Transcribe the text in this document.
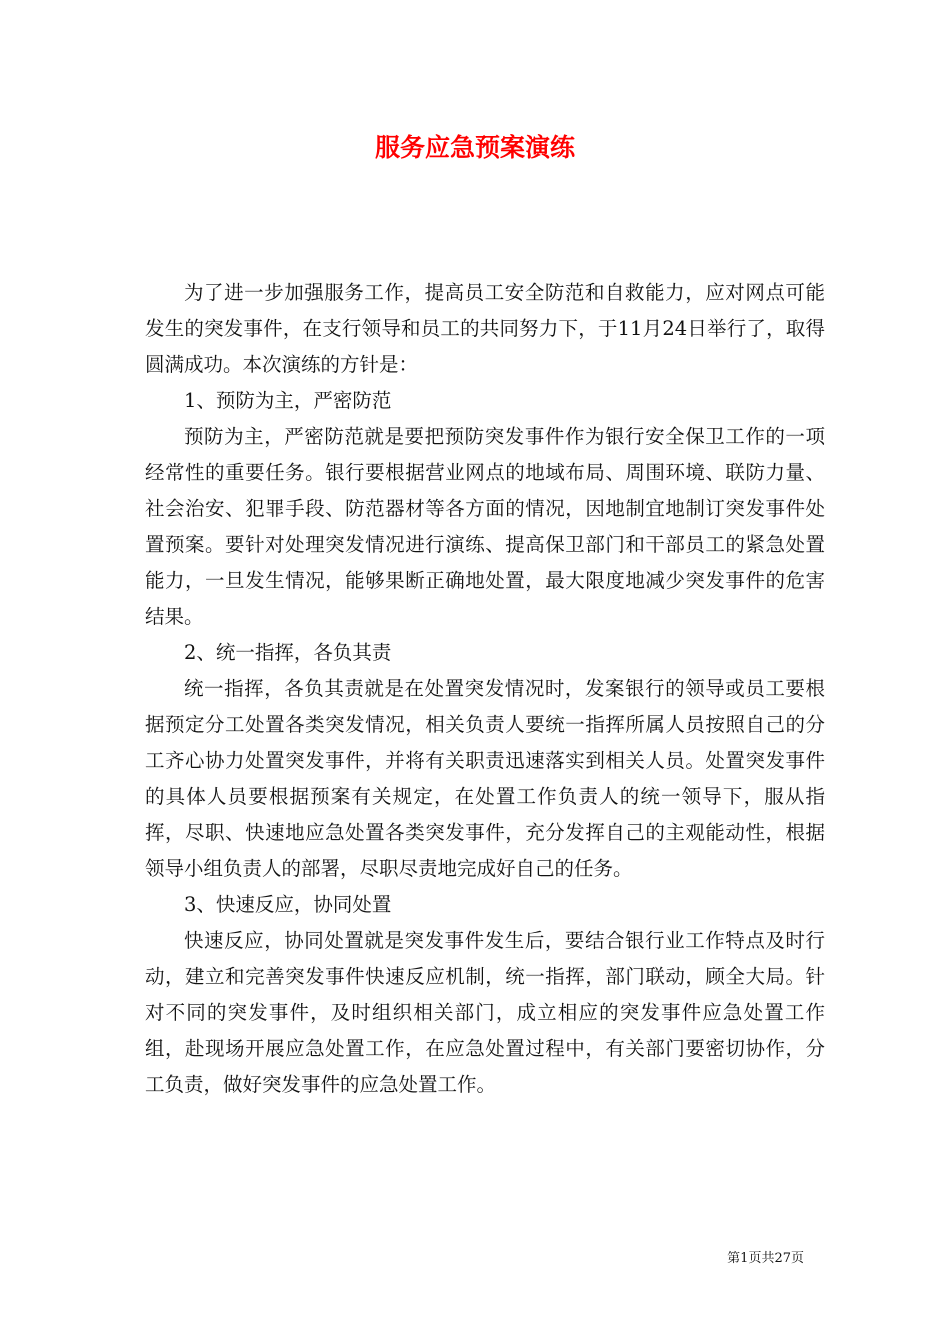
服务应急预案演练

为了进一步加强服务工作，提高员工安全防范和自救能力，应对网点可能发生的突发事件，在支行领导和员工的共同努力下，于11月24日举行了，取得圆满成功。本次演练的方针是：

1、预防为主，严密防范

预防为主，严密防范就是要把预防突发事件作为银行安全保卫工作的一项经常性的重要任务。银行要根据营业网点的地域布局、周围环境、联防力量、社会治安、犯罪手段、防范器材等各方面的情况，因地制宜地制订突发事件处置预案。要针对处理突发情况进行演练、提高保卫部门和干部员工的紧急处置能力，一旦发生情况，能够果断正确地处置，最大限度地减少突发事件的危害结果。

2、统一指挥，各负其责

统一指挥，各负其责就是在处置突发情况时，发案银行的领导或员工要根据预定分工处置各类突发情况，相关负责人要统一指挥所属人员按照自己的分工齐心协力处置突发事件，并将有关职责迅速落实到相关人员。处置突发事件的具体人员要根据预案有关规定，在处置工作负责人的统一领导下，服从指挥，尽职、快速地应急处置各类突发事件，充分发挥自己的主观能动性，根据领导小组负责人的部署，尽职尽责地完成好自己的任务。

3、快速反应，协同处置

快速反应，协同处置就是突发事件发生后，要结合银行业工作特点及时行动，建立和完善突发事件快速反应机制，统一指挥，部门联动，顾全大局。针对不同的突发事件，及时组织相关部门，成立相应的突发事件应急处置工作组，赴现场开展应急处置工作，在应急处置过程中，有关部门要密切协作，分工负责，做好突发事件的应急处置工作。

第1页共27页
